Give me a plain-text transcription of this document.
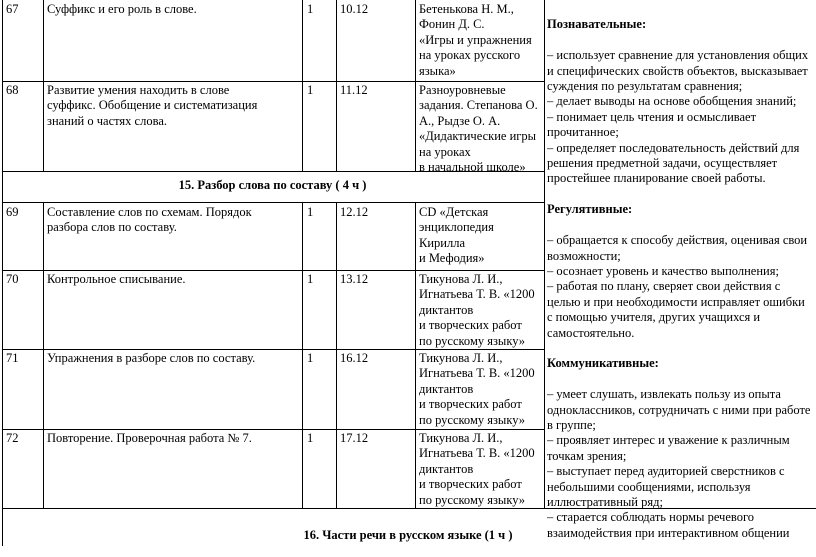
67 Суффикс и его роль в слове.	1	10.12	Бетенькова Н. М.,
Фонин Д. С.
«Игры и упражнения
на уроках русского
языка»
68 Развитие умения находить в слове
суффикс. Обобщение и систематизация
знаний о частях слова.
1	11.12	Разноуровневые
задания. Степанова О.
А., Рыдзе О. А.
«Дидактические игры
на уроках
в начальной школе»
15. Разбор слова по составу ( 4 ч )
69 Составление слов по схемам. Порядок
разбора слов по составу.
1	12.12	CD «Детская
энциклопедия
Кирилла
и Мефодия»
70 Контрольное списывание.	1	13.12	Тикунова Л. И.,
Игнатьева Т. В. «1200
диктантов
и творческих работ
по русскому языку»
71 Упражнения в разборе слов по составу.	1	16.12	Тикунова Л. И.,
Игнатьева Т. В. «1200
диктантов
и творческих работ
по русскому языку»
72 Повторение. Проверочная работа № 7.	1	17.12	Тикунова Л. И.,
Игнатьева Т. В. «1200
диктантов
и творческих работ
по русскому языку»

Познавательные:

– использует сравнение для установления общих
и специфических свойств объектов, высказывает
суждения по результатам сравнения;
– делает выводы на основе обобщения знаний;
– понимает цель чтения и осмысливает
прочитанное;
– определяет последовательность действий для
решения предметной задачи, осуществляет
простейшее планирование своей работы.

Регулятивные:

– обращается к способу действия, оценивая свои
возможности;
– осознает уровень и качество выполнения;
– работая по плану, сверяет свои действия с
целью и при необходимости исправляет ошибки
с помощью учителя, других учащихся и
самостоятельно.

Коммуникативные:

– умеет слушать, извлекать пользу из опыта
одноклассников, сотрудничать с ними при работе
в группе;
– проявляет интерес и уважение к различным
точкам зрения;
– выступает перед аудиторией сверстников с
небольшими сообщениями, используя
иллюстративный ряд;
– старается соблюдать нормы речевого
взаимодействия при интерактивном общении

16. Части речи в русском языке (1 ч )
